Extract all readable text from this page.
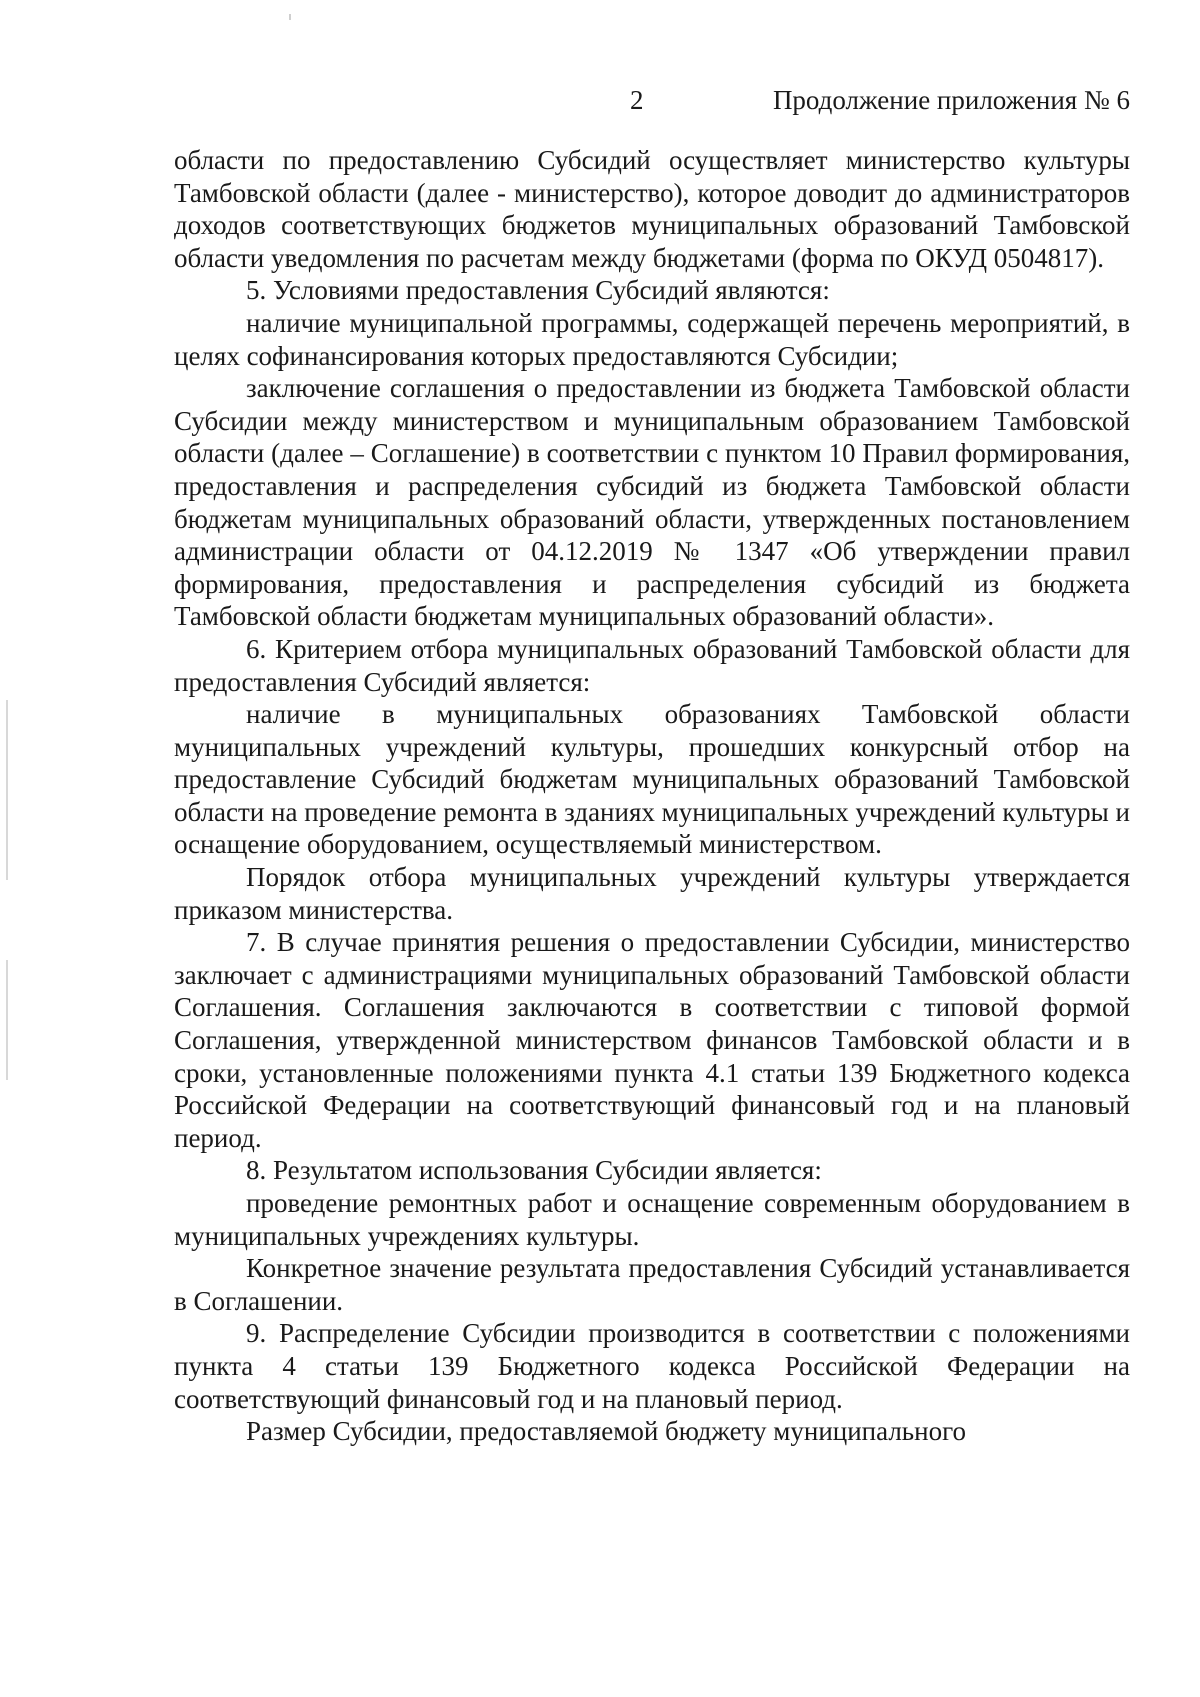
2	Продолжение приложения № 6

области по предоставлению Субсидий осуществляет министерство культуры Тамбовской области (далее - министерство), которое доводит до администраторов доходов соответствующих бюджетов муниципальных образований Тамбовской области уведомления по расчетам между бюджетами (форма по ОКУД 0504817).

5. Условиями предоставления Субсидий являются:

наличие муниципальной программы, содержащей перечень мероприятий, в целях софинансирования которых предоставляются Субсидии;

заключение соглашения о предоставлении из бюджета Тамбовской области Субсидии между министерством и муниципальным образованием Тамбовской области (далее – Соглашение) в соответствии с пунктом 10 Правил формирования, предоставления и распределения субсидий из бюджета Тамбовской области бюджетам муниципальных образований области, утвержденных постановлением администрации области от 04.12.2019 № 1347 «Об утверждении правил формирования, предоставления и распределения субсидий из бюджета Тамбовской области бюджетам муниципальных образований области».

6. Критерием отбора муниципальных образований Тамбовской области для предоставления Субсидий является:

наличие в муниципальных образованиях Тамбовской области муниципальных учреждений культуры, прошедших конкурсный отбор на предоставление Субсидий бюджетам муниципальных образований Тамбовской области на проведение ремонта в зданиях муниципальных учреждений культуры и оснащение оборудованием, осуществляемый министерством.

Порядок отбора муниципальных учреждений культуры утверждается приказом министерства.

7. В случае принятия решения о предоставлении Субсидии, министерство заключает с администрациями муниципальных образований Тамбовской области Соглашения. Соглашения заключаются в соответствии с типовой формой Соглашения, утвержденной министерством финансов Тамбовской области и в сроки, установленные положениями пункта 4.1 статьи 139 Бюджетного кодекса Российской Федерации на соответствующий финансовый год и на плановый период.

8. Результатом использования Субсидии является:

проведение ремонтных работ и оснащение современным оборудованием в муниципальных учреждениях культуры.

Конкретное значение результата предоставления Субсидий устанавливается в Соглашении.

9. Распределение Субсидии производится в соответствии с положениями пункта 4 статьи 139 Бюджетного кодекса Российской Федерации на соответствующий финансовый год и на плановый период.

Размер Субсидии, предоставляемой бюджету муниципального
